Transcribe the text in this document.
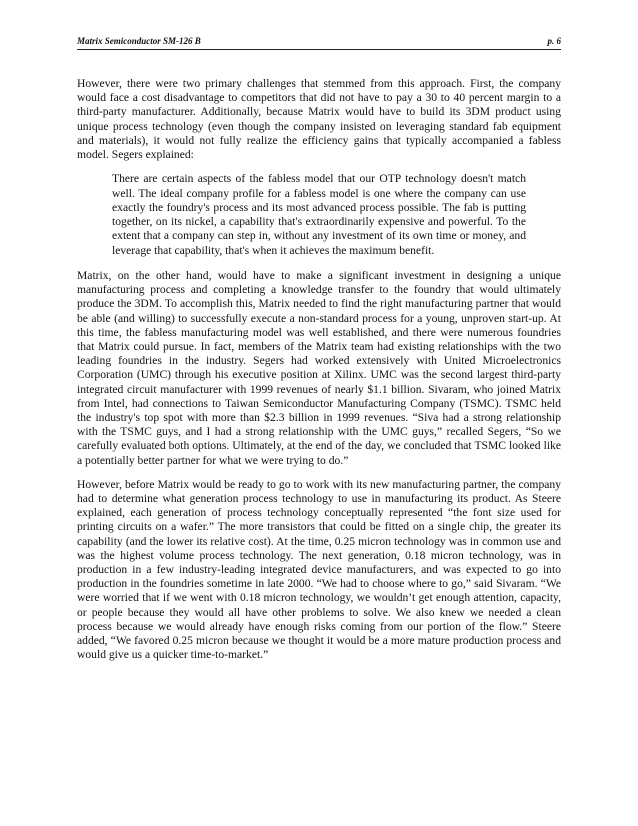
Matrix Semiconductor SM-126 B	p. 6

However, there were two primary challenges that stemmed from this approach. First, the company would face a cost disadvantage to competitors that did not have to pay a 30 to 40 percent margin to a third-party manufacturer. Additionally, because Matrix would have to build its 3DM product using unique process technology (even though the company insisted on leveraging standard fab equipment and materials), it would not fully realize the efficiency gains that typically accompanied a fabless model. Segers explained:

There are certain aspects of the fabless model that our OTP technology doesn't match well. The ideal company profile for a fabless model is one where the company can use exactly the foundry's process and its most advanced process possible. The fab is putting together, on its nickel, a capability that's extraordinarily expensive and powerful. To the extent that a company can step in, without any investment of its own time or money, and leverage that capability, that's when it achieves the maximum benefit.

Matrix, on the other hand, would have to make a significant investment in designing a unique manufacturing process and completing a knowledge transfer to the foundry that would ultimately produce the 3DM. To accomplish this, Matrix needed to find the right manufacturing partner that would be able (and willing) to successfully execute a non-standard process for a young, unproven start-up. At this time, the fabless manufacturing model was well established, and there were numerous foundries that Matrix could pursue. In fact, members of the Matrix team had existing relationships with the two leading foundries in the industry. Segers had worked extensively with United Microelectronics Corporation (UMC) through his executive position at Xilinx. UMC was the second largest third-party integrated circuit manufacturer with 1999 revenues of nearly $1.1 billion. Sivaram, who joined Matrix from Intel, had connections to Taiwan Semiconductor Manufacturing Company (TSMC). TSMC held the industry's top spot with more than $2.3 billion in 1999 revenues. “Siva had a strong relationship with the TSMC guys, and I had a strong relationship with the UMC guys,” recalled Segers, “So we carefully evaluated both options. Ultimately, at the end of the day, we concluded that TSMC looked like a potentially better partner for what we were trying to do.”

However, before Matrix would be ready to go to work with its new manufacturing partner, the company had to determine what generation process technology to use in manufacturing its product. As Steere explained, each generation of process technology conceptually represented “the font size used for printing circuits on a wafer.” The more transistors that could be fitted on a single chip, the greater its capability (and the lower its relative cost). At the time, 0.25 micron technology was in common use and was the highest volume process technology. The next generation, 0.18 micron technology, was in production in a few industry-leading integrated device manufacturers, and was expected to go into production in the foundries sometime in late 2000. “We had to choose where to go,” said Sivaram. “We were worried that if we went with 0.18 micron technology, we wouldn’t get enough attention, capacity, or people because they would all have other problems to solve. We also knew we needed a clean process because we would already have enough risks coming from our portion of the flow.” Steere added, “We favored 0.25 micron because we thought it would be a more mature production process and would give us a quicker time-to-market.”
